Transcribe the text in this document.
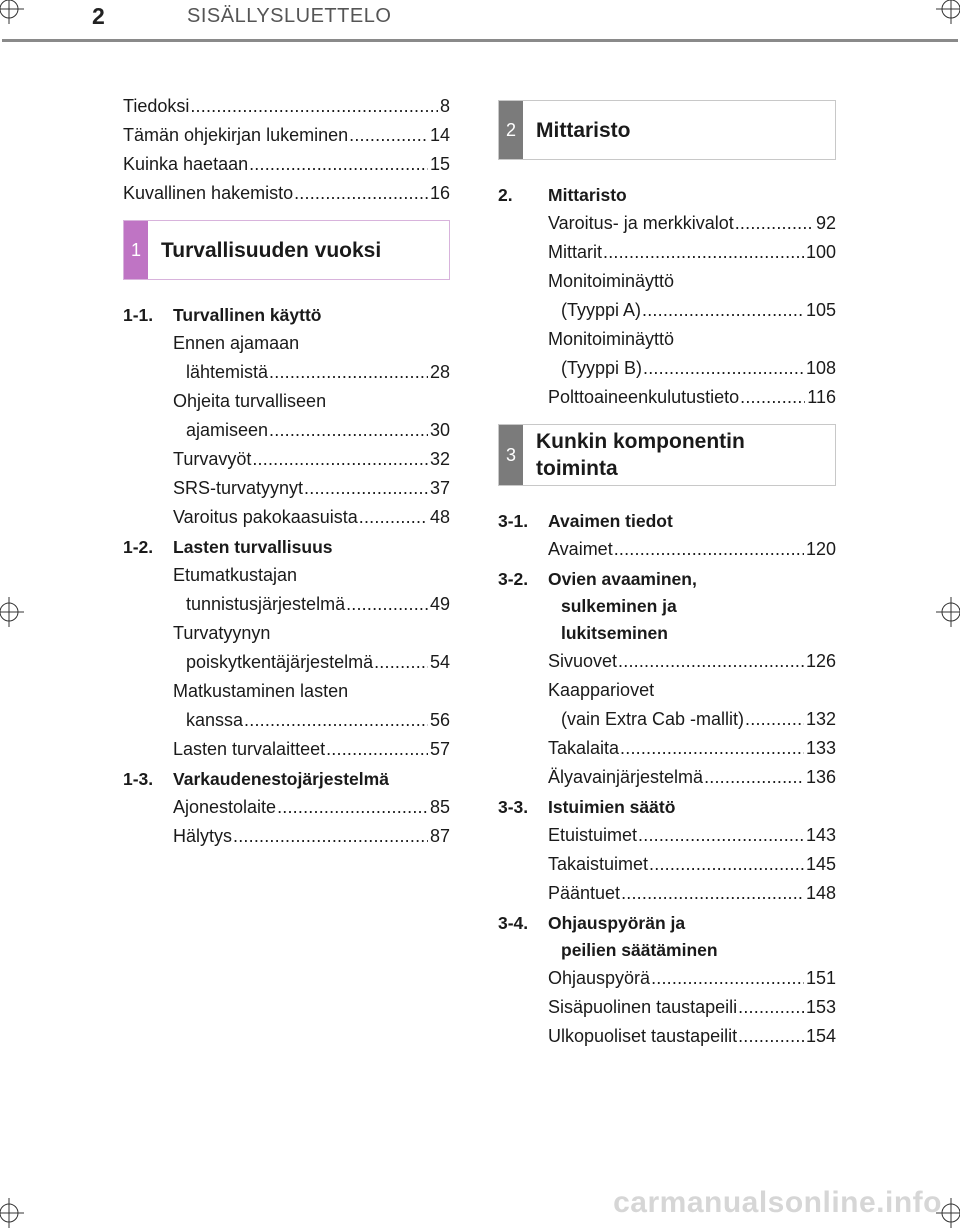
2	SISÄLLYSLUETTELO
Tiedoksi . . .	8
Tämän ohjekirjan lukeminen . . .	14
Kuinka haetaan . . .	15
Kuvallinen hakemisto . . .	16
1 Turvallisuuden vuoksi
1-1.	Turvallinen käyttö
Ennen ajamaan
lähtemistä . . .	28
Ohjeita turvalliseen
ajamiseen . . .	30
Turvavyöt . . .	32
SRS-turvatyynyt . . .	37
Varoitus pakokaasuista . . .	48
1-2.	Lasten turvallisuus
Etumatkustajan
tunnistusjärjestelmä . . .	49
Turvatyynyn
poiskytkentäjärjestelmä . . .	54
Matkustaminen lasten
kanssa . . .	56
Lasten turvalaitteet . . .	57
1-3.	Varkaudenestojärjestelmä
Ajonestolaite . . .	85
Hälytys . . .	87
2 Mittaristo
2.	Mittaristo
Varoitus- ja merkkivalot . . .	92
Mittarit . . .	100
Monitoiminäyttö
(Tyyppi A) . . .	105
Monitoiminäyttö
(Tyyppi B) . . .	108
Polttoaineenkulutustieto . . .	116
3
Kunkin komponentin
toiminta
3-1.	Avaimen tiedot
Avaimet . . .	120
3-2.	Ovien avaaminen,
sulkeminen ja
lukitseminen
Sivuovet . . .	126
Kaappariovet
(vain Extra Cab -mallit) . . .	132
Takalaita . . .	133
Älyavainjärjestelmä . . .	136
3-3.	Istuimien säätö
Etuistuimet . . .	143
Takaistuimet . . .	145
Pääntuet . . .	148
3-4.	Ohjauspyörän ja
peilien säätäminen
Ohjauspyörä . . .	151
Sisäpuolinen taustapeili . . .	153
Ulkopuoliset taustapeilit . . .	154
carmanualsonline.info
